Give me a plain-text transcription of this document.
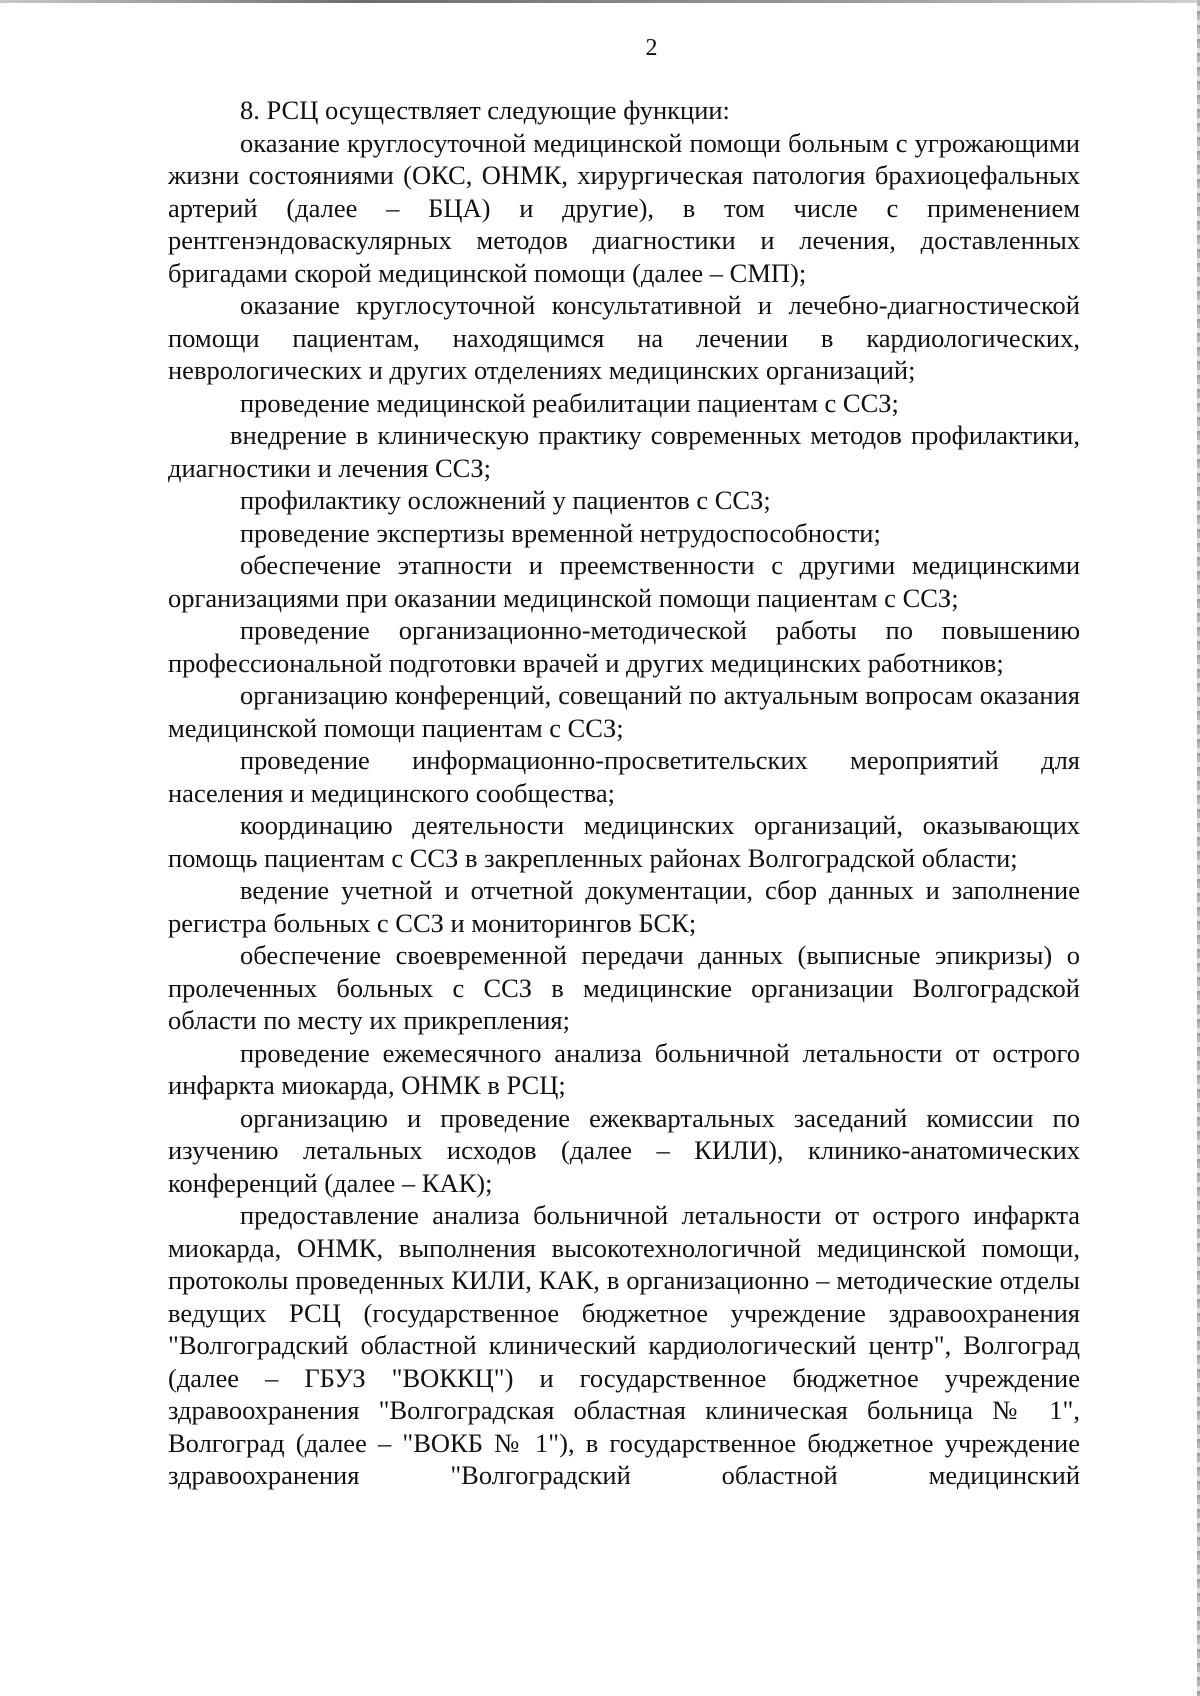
2

8. РСЦ осуществляет следующие функции:

оказание круглосуточной медицинской помощи больным с угрожающими жизни состояниями (ОКС, ОНМК, хирургическая патология брахиоцефальных артерий (далее – БЦА) и другие), в том числе с применением рентгенэндоваскулярных методов диагностики и лечения, доставленных бригадами скорой медицинской помощи (далее – СМП);

оказание круглосуточной консультативной и лечебно-диагностической помощи пациентам, находящимся на лечении в кардиологических, неврологических и других отделениях медицинских организаций;

проведение медицинской реабилитации пациентам с ССЗ;

внедрение в клиническую практику современных методов профилактики, диагностики и лечения ССЗ;

профилактику осложнений у пациентов с ССЗ;

проведение экспертизы временной нетрудоспособности;

обеспечение этапности и преемственности с другими медицинскими организациями при оказании медицинской помощи пациентам с ССЗ;

проведение организационно-методической работы по повышению профессиональной подготовки врачей и других медицинских работников;

организацию конференций, совещаний по актуальным вопросам оказания медицинской помощи пациентам с ССЗ;

проведение информационно-просветительских мероприятий для населения и медицинского сообщества;

координацию деятельности медицинских организаций, оказывающих помощь пациентам с ССЗ в закрепленных районах Волгоградской области;

ведение учетной и отчетной документации, сбор данных и заполнение регистра больных с ССЗ и мониторингов БСК;

обеспечение своевременной передачи данных (выписные эпикризы) о пролеченных больных с ССЗ в медицинские организации Волгоградской области по месту их прикрепления;

проведение ежемесячного анализа больничной летальности от острого инфаркта миокарда, ОНМК в РСЦ;

организацию и проведение ежеквартальных заседаний комиссии по изучению летальных исходов (далее – КИЛИ), клинико-анатомических конференций (далее – КАК);

предоставление анализа больничной летальности от острого инфаркта миокарда, ОНМК, выполнения высокотехнологичной медицинской помощи, протоколы проведенных КИЛИ, КАК, в организационно – методические отделы ведущих РСЦ (государственное бюджетное учреждение здравоохранения "Волгоградский областной клинический кардиологический центр", Волгоград (далее – ГБУЗ "ВОККЦ") и государственное бюджетное учреждение здравоохранения "Волгоградская областная клиническая больница № 1", Волгоград (далее – "ВОКБ № 1"), в государственное бюджетное учреждение здравоохранения "Волгоградский областной медицинский
